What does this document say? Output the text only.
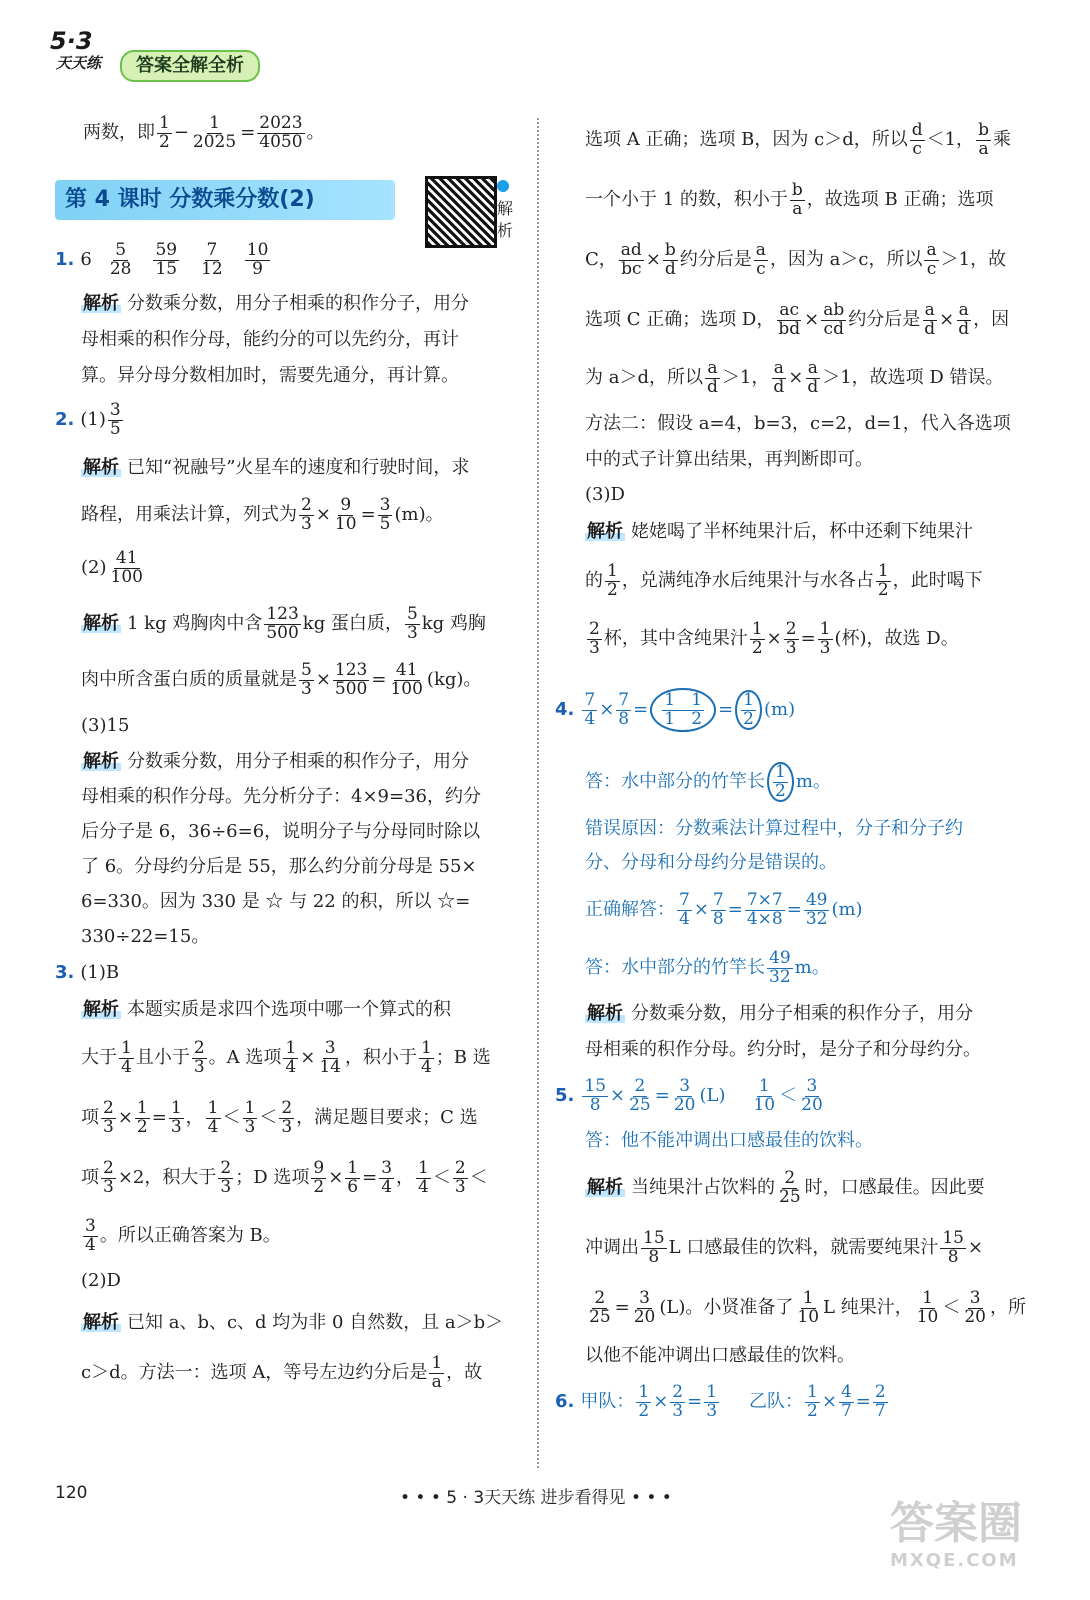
5·3
天天练	答案全解全析
两数，即 $\frac{1}{2} - \frac{1}{2025} = \frac{2023}{4050}$ 。
第 4 课时 分数乘分数(2)	解析
1. $6 \frac{5}{28} \frac{59}{15} \frac{7}{12} \frac{10}{9}$
解析 分数乘分数，用分子相乘的积作分子，用分
母相乘的积作分母，能约分的可以先约分，再计
算。异分母分数相加时，需要先通分，再计算。
2. $(1) \frac{3}{5}$
解析 已知“祝融号”火星车的速度和行驶时间，求
路程，用乘法计算，列式为 $\frac{2}{3} \times \frac{9}{10} = \frac{3}{5} (m)$。
$(2) \frac{41}{100}$
解析 1 kg 鸡胸肉中含 $\frac{123}{500}$ kg 蛋白质， $\frac{5}{3}$ kg 鸡胸
肉中所含蛋白质的质量就是 $\frac{5}{3} \times \frac{123}{500} = \frac{41}{100} (kg)$。
(3)15
解析 分数乘分数，用分子相乘的积作分子，用分
母相乘的积作分母。先分析分子：4×9=36，约分
后分子是 6，36÷6=6，说明分子与分母同时除以
了 6。分母约分后是 55，那么约分前分母是 55×
6=330。因为 330 是 ☆ 与 22 的积，所以 ☆=
330÷22=15。
3. (1)B
解析 本题实质是求四个选项中哪一个算式的积
大于 $\frac{1}{4}$ 且小于 $\frac{2}{3}$ 。A 选项 $\frac{1}{4} \times \frac{3}{14}$ ，积小于 $\frac{1}{4}$ ；B 选
项 $\frac{2}{3} \times \frac{1}{2} = \frac{1}{3}$ ， $\frac{1}{4} < \frac{1}{3} < \frac{2}{3}$ ，满足题目要求；C 选
项 $\frac{2}{3} \times 2$，积大于 $\frac{2}{3}$ ；D 选项 $\frac{9}{2} \times \frac{1}{6} = \frac{3}{4}$ ， $\frac{1}{4} < \frac{2}{3}$ ＜
$\frac{3}{4}$ 。所以正确答案为 B。
(2)D
解析 已知 a、b、c、d 均为非 0 自然数，且 a＞b＞
c＞d。方法一：选项 A，等号左边约分后是 $\frac{1}{a}$ ，故
选项 A 正确；选项 B，因为 c＞d，所以 $\frac{d}{c} <1$， $\frac{b}{a}$ 乘
一个小于 1 的数，积小于 $\frac{b}{a}$ ，故选项 B 正确；选项
C， $\frac{ad}{bc} \times \frac{b}{d}$ 约分后是 $\frac{a}{c}$ ，因为 a＞c，所以 $\frac{a}{c} >1$，故
选项 C 正确；选项 D， $\frac{ac}{bd} \times \frac{ab}{cd}$ 约分后是 $\frac{a}{d} \times \frac{a}{d}$ ，因
为 a＞d，所以 $\frac{a}{d} >1$， $\frac{a}{d} \times \frac{a}{d} >1$，故选项 D 错误。
方法二：假设 a=4，b=3，c=2，d=1，代入各选项
中的式子计算出结果，再判断即可。
(3)D
解析 姥姥喝了半杯纯果汁后，杯中还剩下纯果汁
的 $\frac{1}{2}$ ，兑满纯净水后纯果汁与水各占 $\frac{1}{2}$ ，此时喝下
$\frac{2}{3}$ 杯，其中含纯果汁 $\frac{1}{2} \times \frac{2}{3} = \frac{1}{3}$ (杯)，故选 D。
4. $\frac{7}{4} \times \frac{7}{8} = \frac{1 1}{1 2} = \frac{1}{2} (m)$
答：水中部分的竹竿长 $\frac{1}{2}$ m。
错误原因：分数乘法计算过程中，分子和分子约
分、分母和分母约分是错误的。
正确解答： $\frac{7}{4} \times \frac{7}{8} = \frac{7\times 7}{4\times 8} = \frac{49}{32} (m)$
答：水中部分的竹竿长 $\frac{49}{32}$ m。
解析 分数乘分数，用分子相乘的积作分子，用分
母相乘的积作分母。约分时，是分子和分母约分。
5. $\frac{15}{8} \times \frac{2}{25} = \frac{3}{20} (L) \frac{1}{10} < \frac{3}{20}$
答：他不能冲调出口感最佳的饮料。
解析 当纯果汁占饮料的 $\frac{2}{25}$ 时，口感最佳。因此要
冲调出 $\frac{15}{8}$ L 口感最佳的饮料，就需要纯果汁 $\frac{15}{8}$ ×
$\frac{2}{25} = \frac{3}{20} (L)$。小贤准备了 $\frac{1}{10}$ L 纯果汁， $\frac{1}{10} < \frac{3}{20}$ ，所
以他不能冲调出口感最佳的饮料。
6. 甲队： $\frac{1}{2} \times \frac{2}{3} = \frac{1}{3}$ 乙队： $\frac{1}{2} \times \frac{4}{7} = \frac{2}{7}$
120	• • • 5 · 3天天练 进步看得见 • • •	答案圈
MXQE.COM
